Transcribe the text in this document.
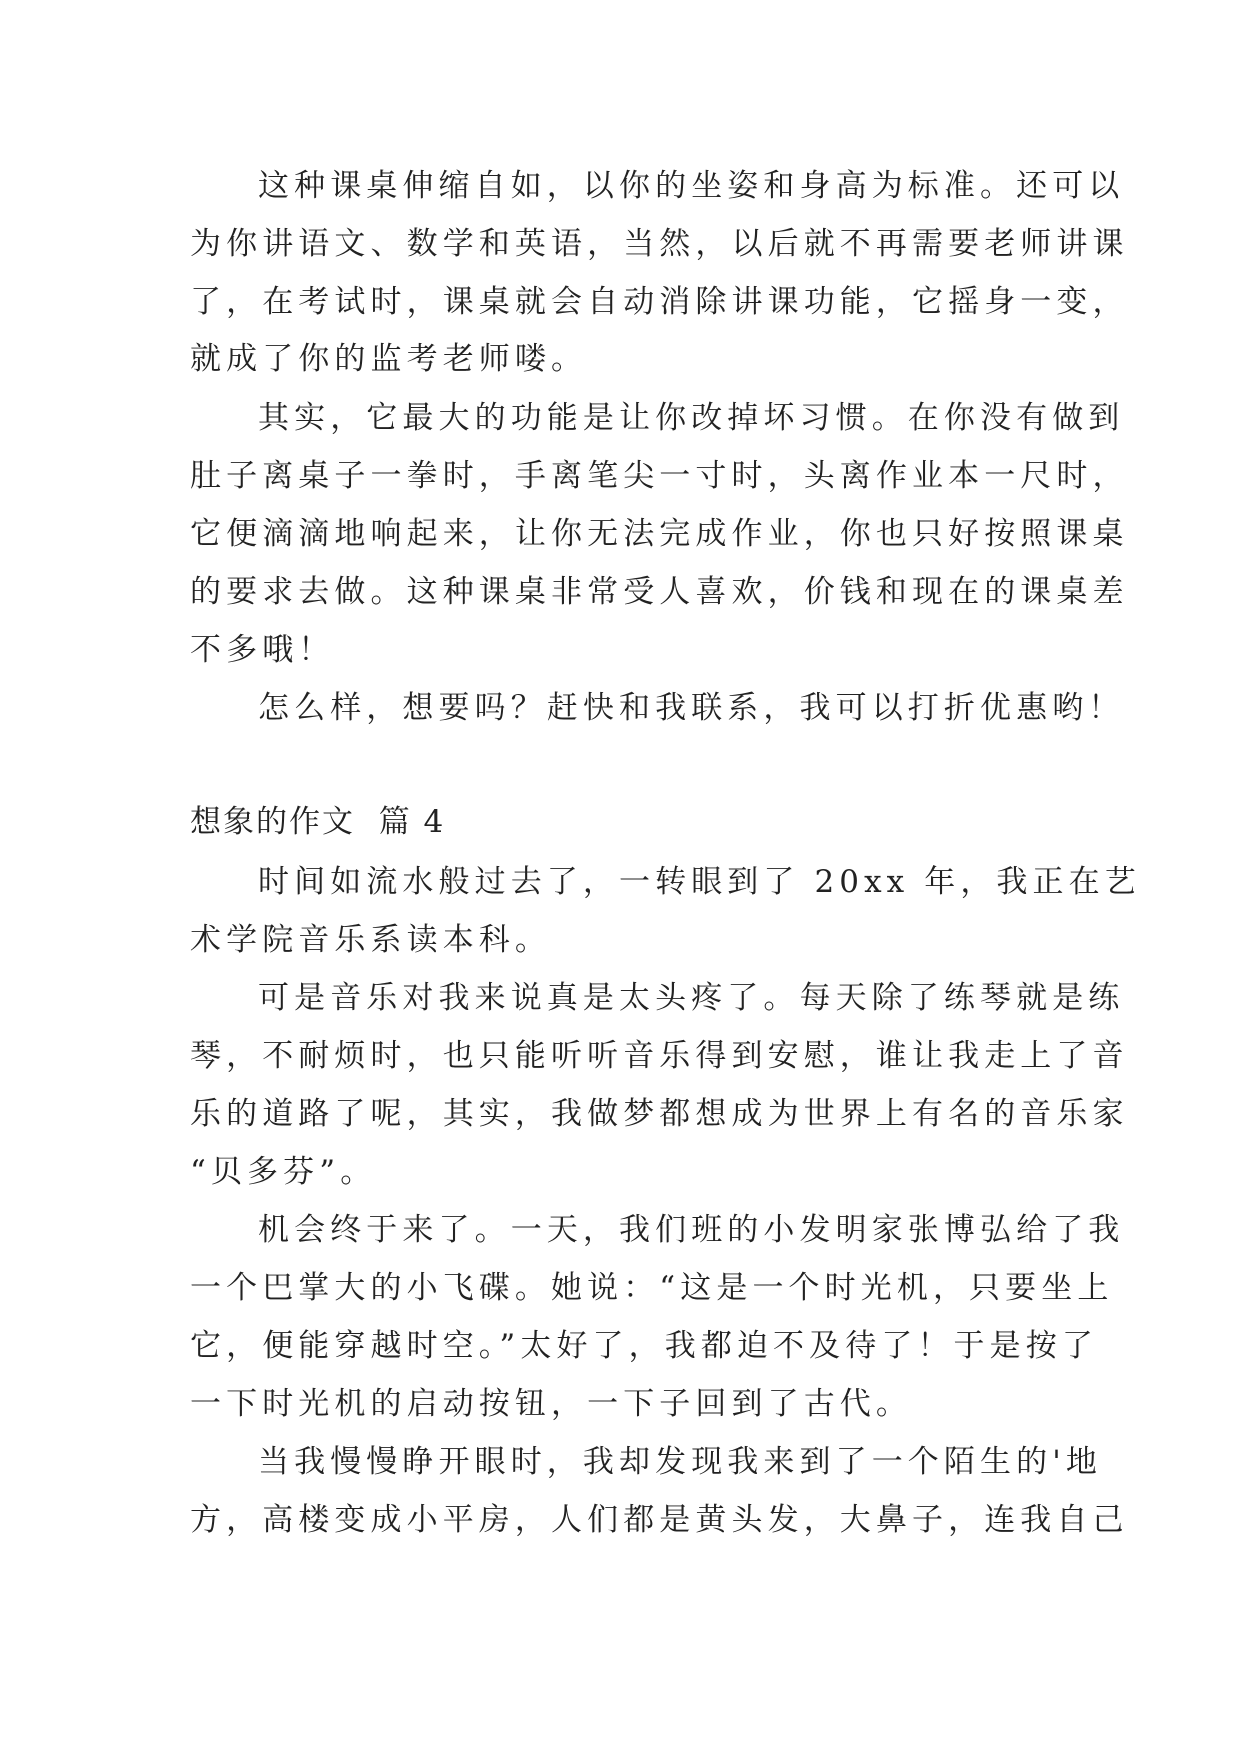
这种课桌伸缩自如，以你的坐姿和身高为标准。还可以
为你讲语文、数学和英语，当然，以后就不再需要老师讲课
了，在考试时，课桌就会自动消除讲课功能，它摇身一变，
就成了你的监考老师喽。
其实，它最大的功能是让你改掉坏习惯。在你没有做到
肚子离桌子一拳时，手离笔尖一寸时，头离作业本一尺时，
它便滴滴地响起来，让你无法完成作业，你也只好按照课桌
的要求去做。这种课桌非常受人喜欢，价钱和现在的课桌差
不多哦！
怎么样，想要吗？赶快和我联系，我可以打折优惠哟！
想象的作文  篇 4
时间如流水般过去了，一转眼到了 20xx 年，我正在艺
术学院音乐系读本科。
可是音乐对我来说真是太头疼了。每天除了练琴就是练
琴，不耐烦时，也只能听听音乐得到安慰，谁让我走上了音
乐的道路了呢，其实，我做梦都想成为世界上有名的音乐家
“贝多芬”。
机会终于来了。一天，我们班的小发明家张博弘给了我
一个巴掌大的小飞碟。她说：“这是一个时光机，只要坐上
它，便能穿越时空。”太好了，我都迫不及待了！于是按了
一下时光机的启动按钮，一下子回到了古代。
当我慢慢睁开眼时，我却发现我来到了一个陌生的'地
方，高楼变成小平房，人们都是黄头发，大鼻子，连我自己
